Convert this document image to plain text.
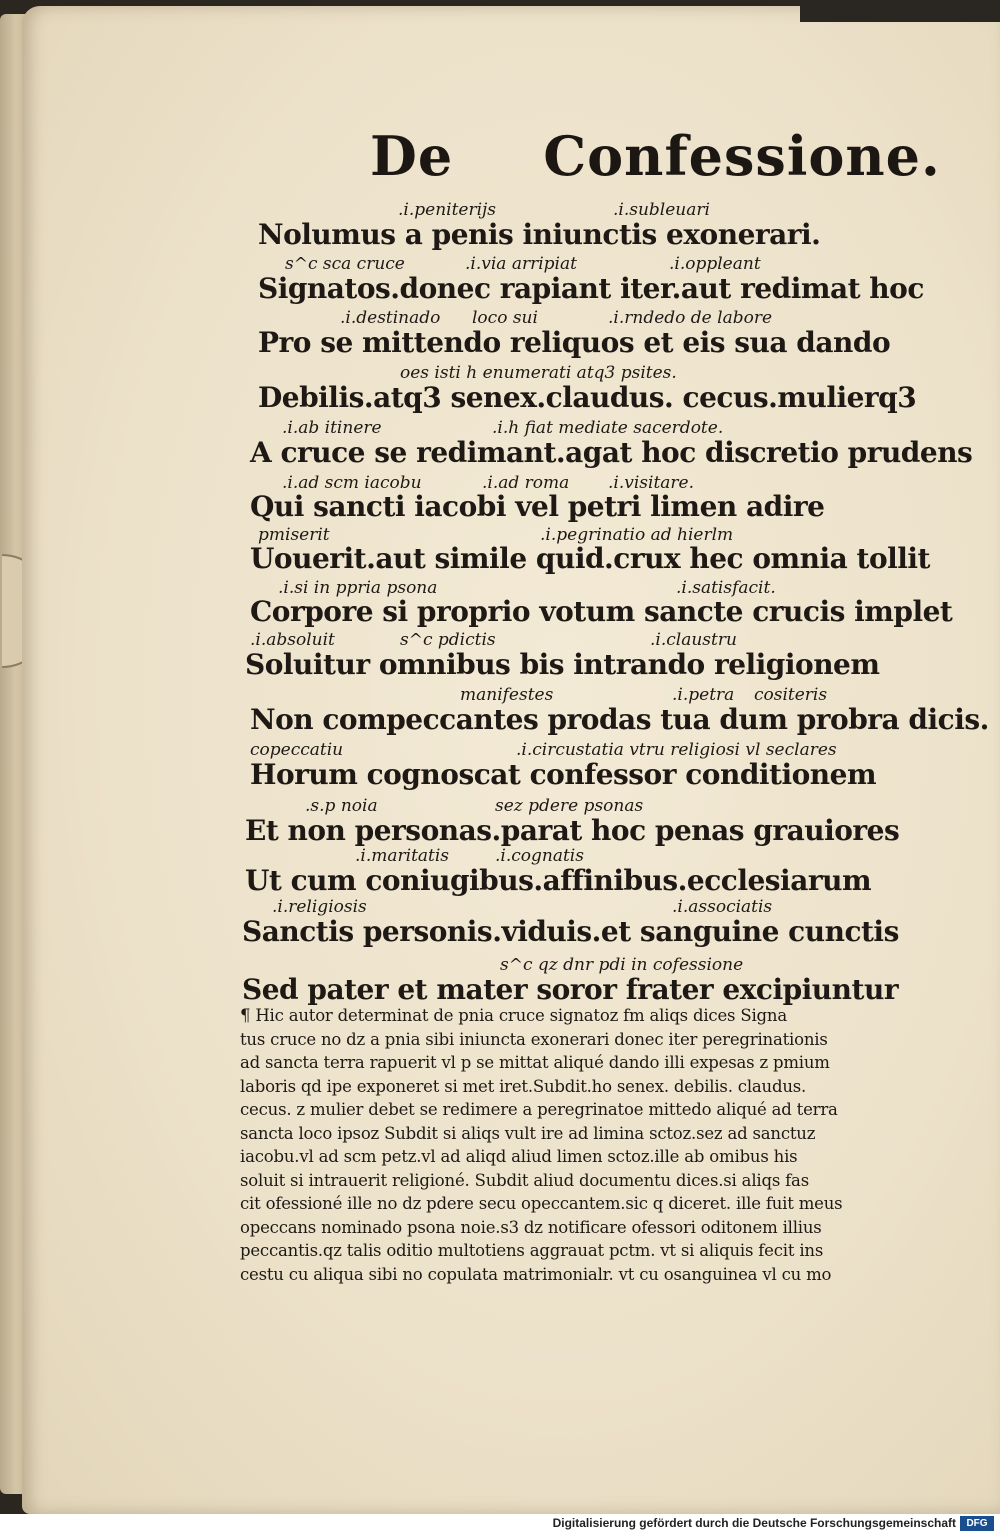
De Confessione.
.i.peniterijs	.i.subleuari
Nolumus a penis iniunctis exonerari.
s^c sca cruce	.i.via arripiat	.i.oppleant
Signatos.donec rapiant iter.aut redimat hoc
.i.destinado loco sui	.i.rndedo de labore
Pro se mittendo reliquos et eis sua dando
oes isti h enumerati atq3 psites.
Debilis.atq3 senex.claudus. cecus.mulierq3
.i.ab itinere	.i.h fiat mediate sacerdote.
A cruce se redimant.agat hoc discretio prudens
.i.ad scm iacobu	.i.ad roma .i.visitare.
Qui sancti iacobi vel petri limen adire
pmiserit	.i.pegrinatio ad hierlm
Uouerit.aut simile quid.crux hec omnia tollit
.i.si in ppria psona	.i.satisfacit.
Corpore si proprio votum sancte crucis implet
.i.absoluit	s^c pdictis	.i.claustru
Soluitur omnibus bis intrando religionem
manifestes	.i.petra cositeris
Non compeccantes prodas tua dum probra dicis.
copeccatiu	.i.circustatia vtru religiosi vl seclares
Horum cognoscat confessor conditionem
.s.p noia	sez pdere psonas
Et non personas.parat hoc penas grauiores
.i.maritatis	.i.cognatis
Ut cum coniugibus.affinibus.ecclesiarum
.i.religiosis	.i.associatis
Sanctis personis.viduis.et sanguine cunctis
s^c qz dnr pdi in cofessione
Sed pater et mater soror frater excipiuntur
¶ Hic autor determinat de pnia cruce signatoz fm aliqs dices Signa
tus cruce no dz a pnia sibi iniuncta exonerari donec iter peregrinationis
ad sancta terra rapuerit vl p se mittat aliqué dando illi expesas z pmium
laboris qd ipe exponeret si met iret.Subdit.ho senex. debilis. claudus.
cecus. z mulier debet se redimere a peregrinatoe mittedo aliqué ad terra
sancta loco ipsoz Subdit si aliqs vult ire ad limina sctoz.sez ad sanctuz
iacobu.vl ad scm petz.vl ad aliqd aliud limen sctoz.ille ab omibus his
soluit si intrauerit religioné. Subdit aliud documentu dices.si aliqs fas
cit ofessioné ille no dz pdere secu opeccantem.sic q diceret. ille fuit meus
opeccans nominado psona noie.s3 dz notificare ofessori oditonem illius
peccantis.qz talis oditio multotiens aggrauat pctm. vt si aliquis fecit ins
cestu cu aliqua sibi no copulata matrimonialr. vt cu osanguinea vl cu mo
Digitalisierung gefördert durch die Deutsche Forschungsgemeinschaft	DFG
